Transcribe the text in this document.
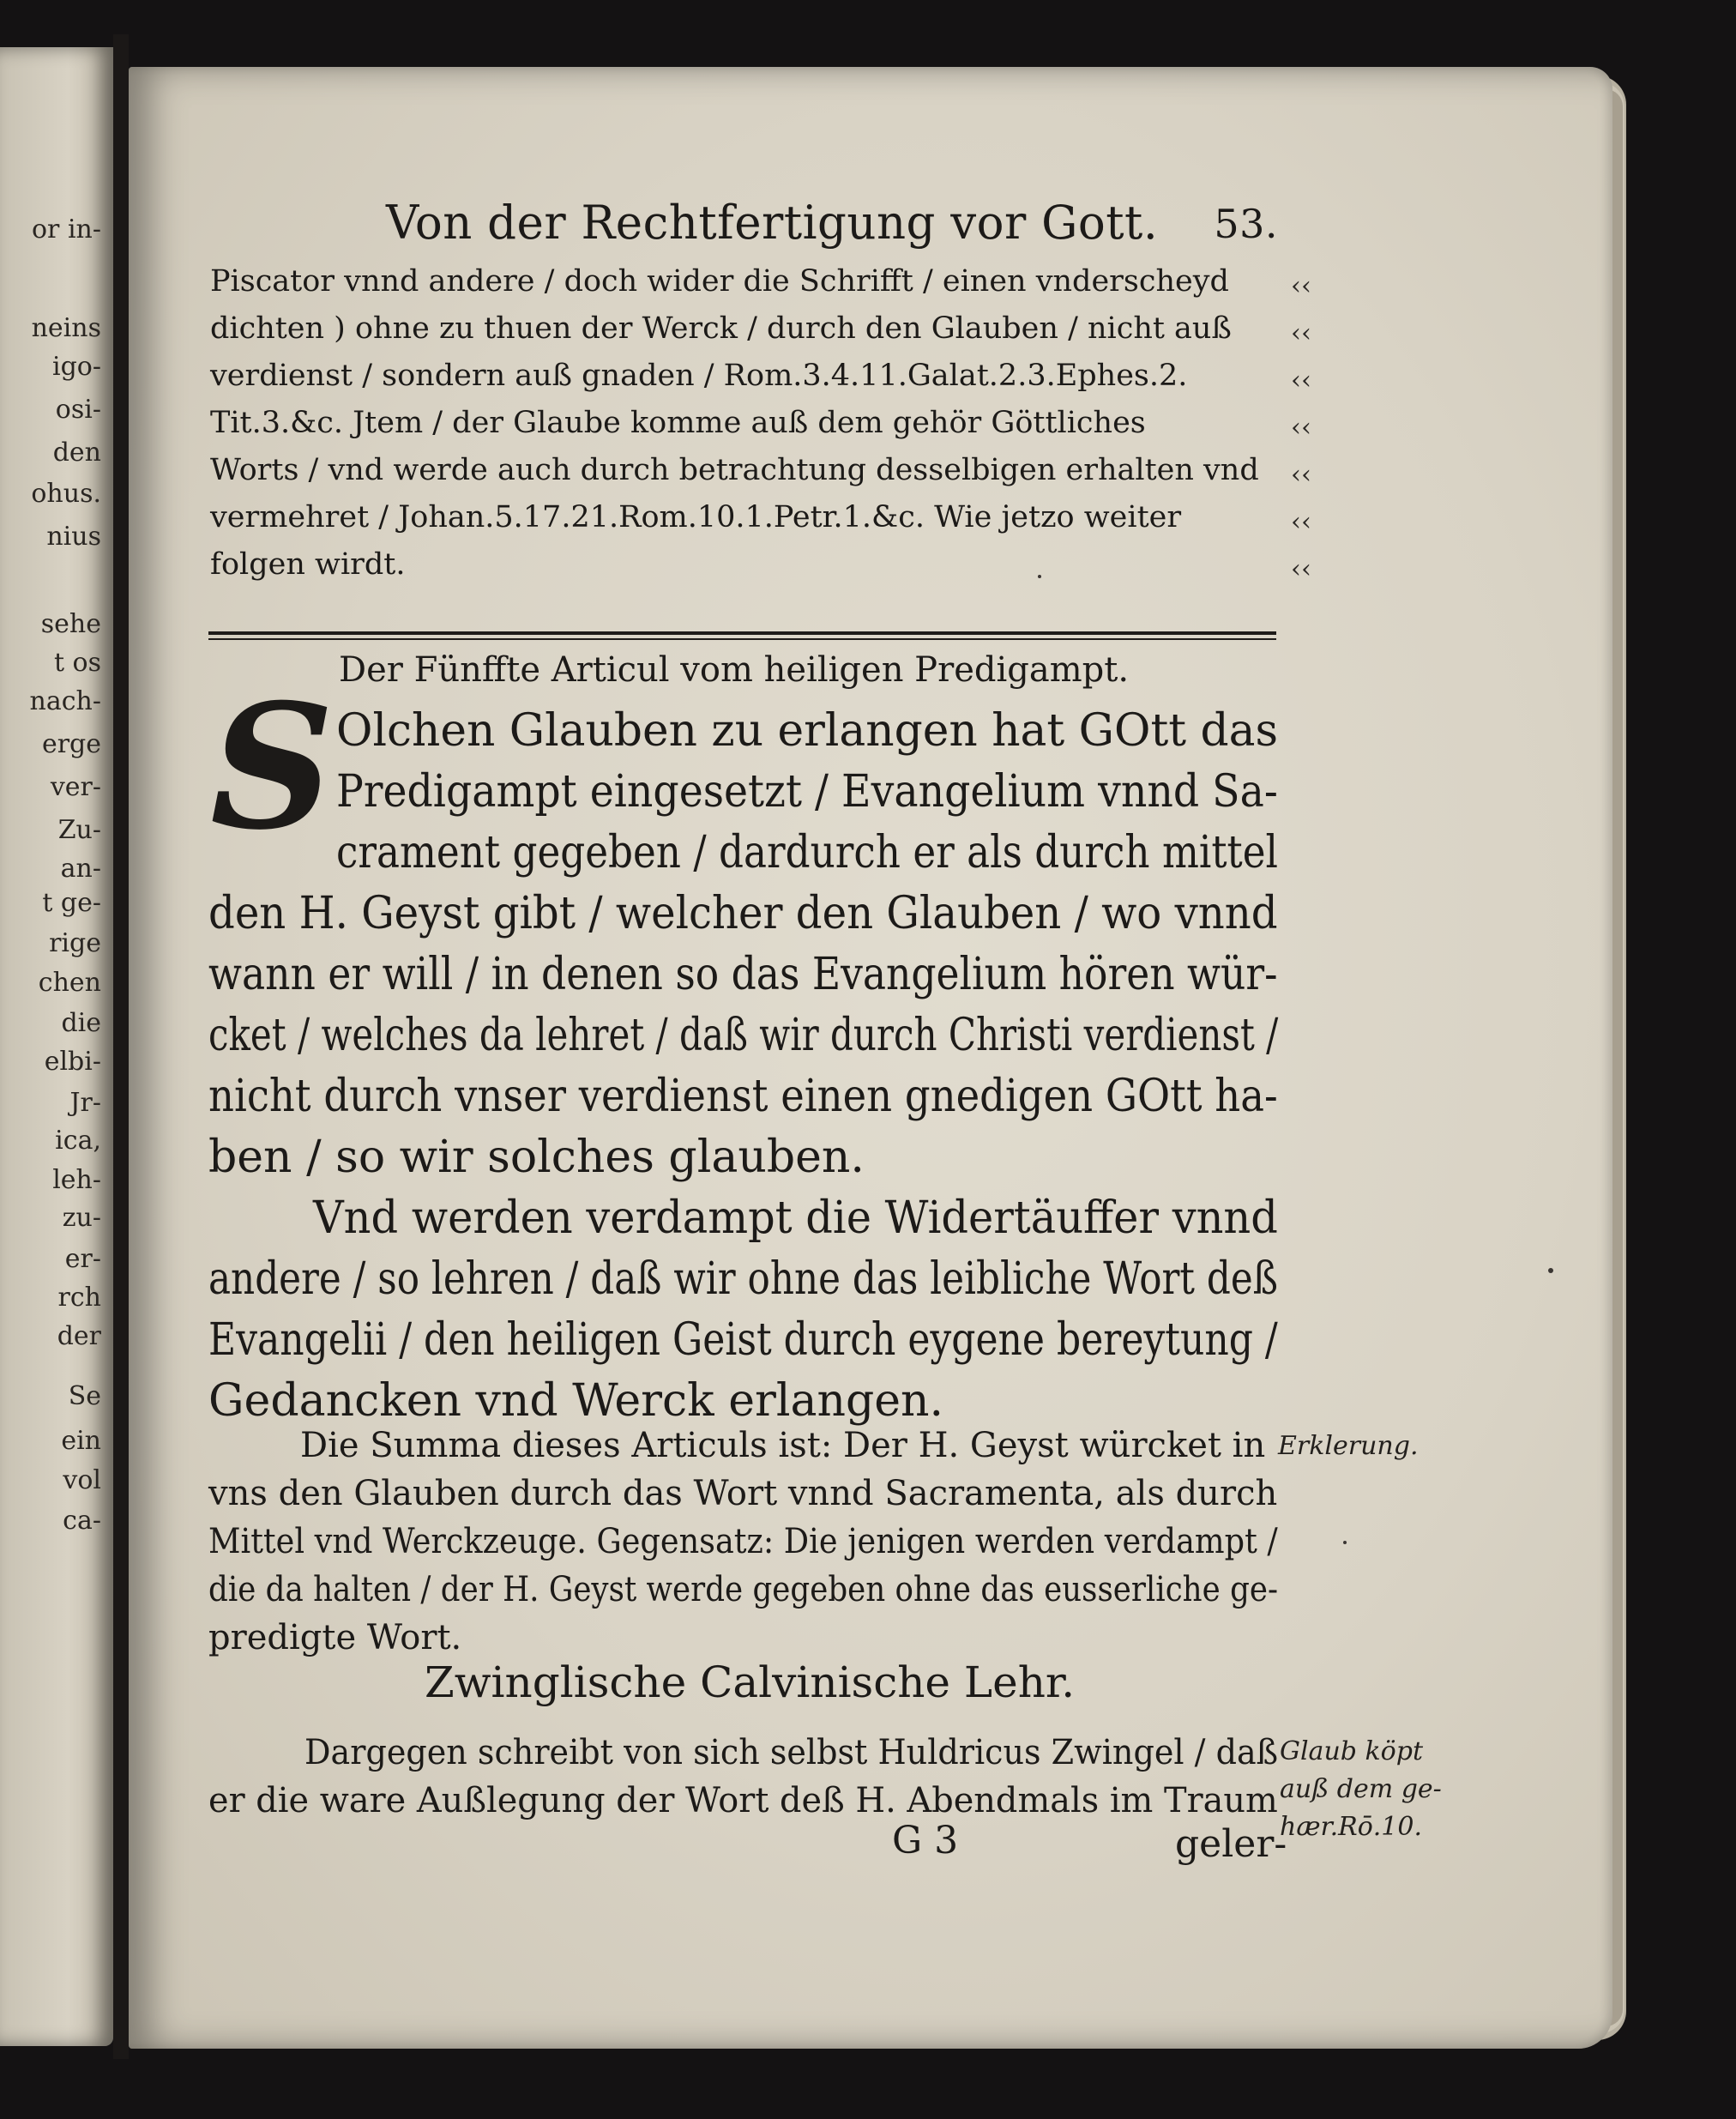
or in-
neins
igo-
osi-
den
ohus.
nius
sehe
t os
nach-
erge
ver-
Zu-
an-
t ge-
rige
chen
die
elbi-
Jr-
ica,
leh-
zu-
er-
rch
der
Se
ein
vol
ca-
Von der Rechtfertigung vor Gott. 53.
Piscator vnnd andere / doch wider die Schrifft / einen vnderscheyd
dichten ) ohne zu thuen der Werck / durch den Glauben / nicht auß
verdienst / sondern auß gnaden / Rom.3.4.11.Galat.2.3.Ephes.2.
Tit.3.&c. Jtem / der Glaube komme auß dem gehör Göttliches
Worts / vnd werde auch durch betrachtung desselbigen erhalten vnd
vermehret / Johan.5.17.21.Rom.10.1.Petr.1.&c. Wie jetzo weiter
folgen wirdt.
‹‹
‹‹
‹‹
‹‹
‹‹
‹‹
‹‹
Der Fünffte Articul vom heiligen Predigampt.
S Olchen Glauben zu erlangen hat GOtt das
Predigampt eingesetzt / Evangelium vnnd Sa-
crament gegeben / dardurch er als durch mittel
den H. Geyst gibt / welcher den Glauben / wo vnnd
wann er will / in denen so das Evangelium hören wür-
cket / welches da lehret / daß wir durch Christi verdienst /
nicht durch vnser verdienst einen gnedigen GOtt ha-
ben / so wir solches glauben.
Vnd werden verdampt die Widertäuffer vnnd
andere / so lehren / daß wir ohne das leibliche Wort deß
Evangelii / den heiligen Geist durch eygene bereytung /
Gedancken vnd Werck erlangen.
Die Summa dieses Articuls ist: Der H. Geyst würcket in
vns den Glauben durch das Wort vnnd Sacramenta, als durch
Mittel vnd Werckzeuge. Gegensatz: Die jenigen werden verdampt /
die da halten / der H. Geyst werde gegeben ohne das eusserliche ge-
predigte Wort.
Erklerung.
Zwinglische Calvinische Lehr.
Dargegen schreibt von sich selbst Huldricus Zwingel / daß
er die ware Außlegung der Wort deß H. Abendmals im Traum
Glaub köpt
auß dem ge-
hær.Rō.10.
G 3	geler-
